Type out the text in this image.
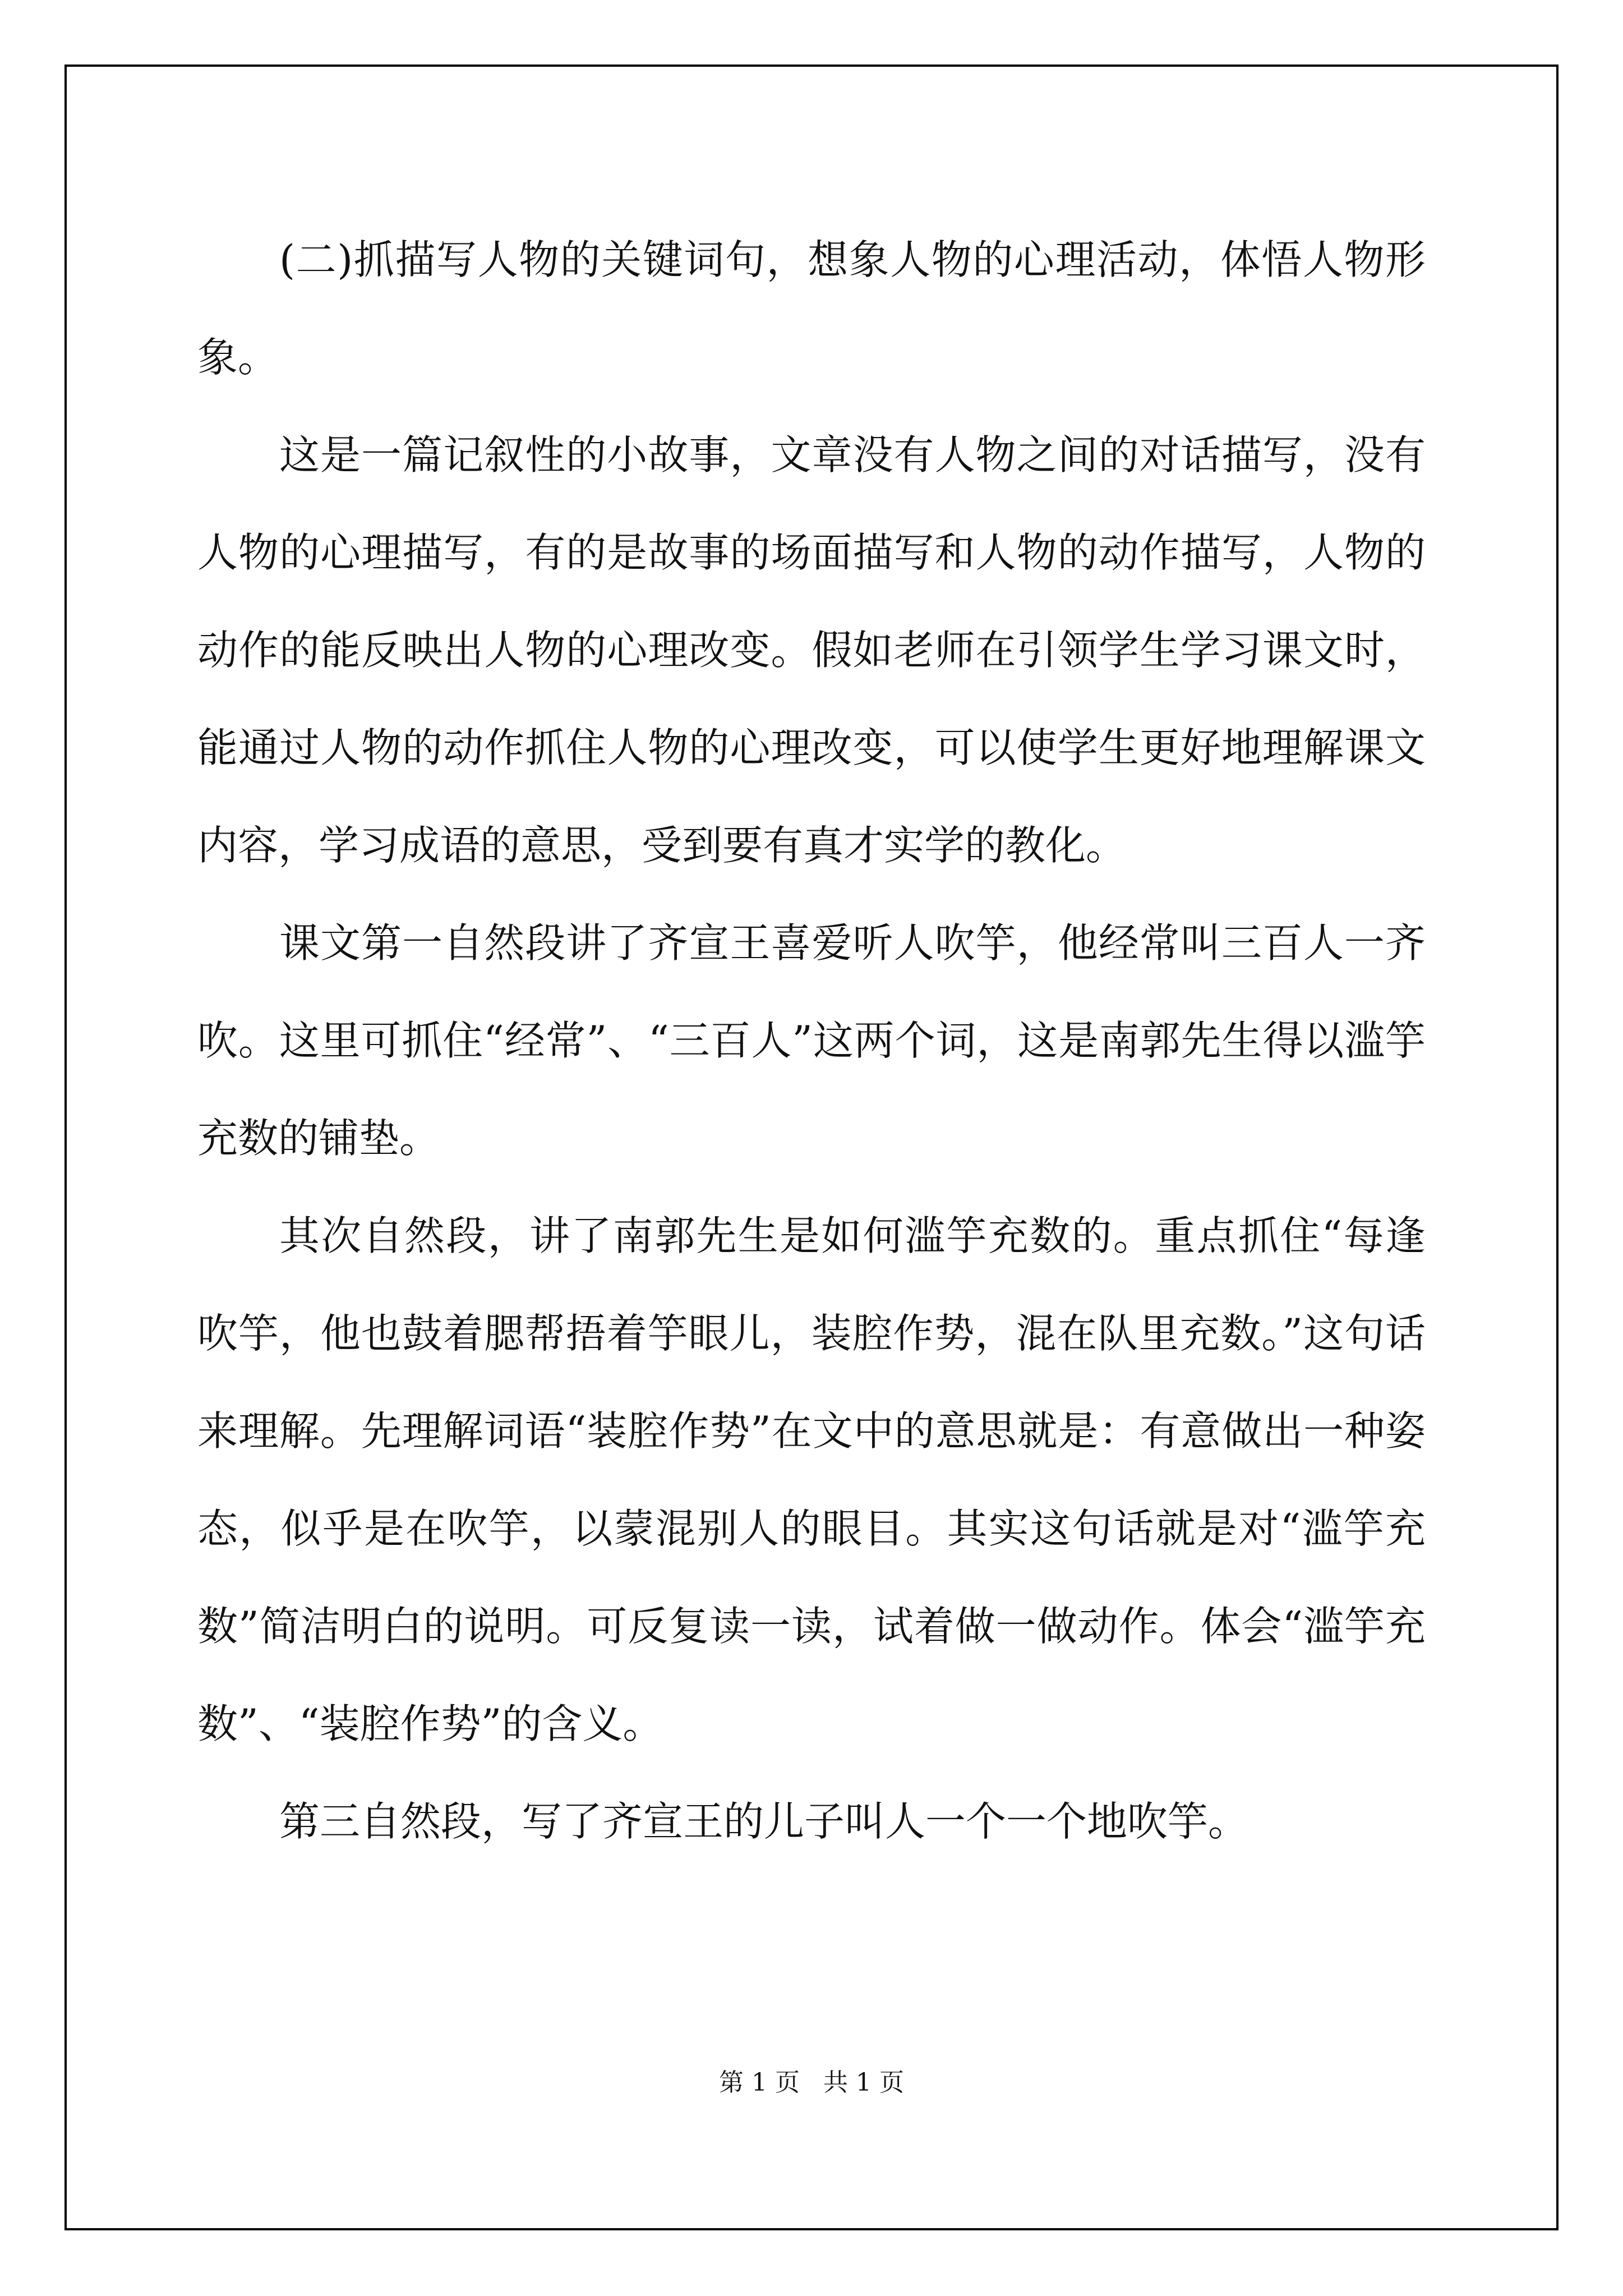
(二)抓描写人物的关键词句，想象人物的心理活动，体悟人物形象。

这是一篇记叙性的小故事，文章没有人物之间的对话描写，没有人物的心理描写，有的是故事的场面描写和人物的动作描写，人物的动作的能反映出人物的心理改变。假如老师在引领学生学习课文时，能通过人物的动作抓住人物的心理改变，可以使学生更好地理解课文内容，学习成语的意思，受到要有真才实学的教化。

课文第一自然段讲了齐宣王喜爱听人吹竽，他经常叫三百人一齐吹。这里可抓住“经常”、“三百人”这两个词，这是南郭先生得以滥竽充数的铺垫。

其次自然段，讲了南郭先生是如何滥竽充数的。重点抓住“每逢吹竽，他也鼓着腮帮捂着竽眼儿，装腔作势，混在队里充数。”这句话来理解。先理解词语“装腔作势”在文中的意思就是：有意做出一种姿态，似乎是在吹竽，以蒙混别人的眼目。其实这句话就是对“滥竽充数”简洁明白的说明。可反复读一读，试着做一做动作。体会“滥竽充数”、“装腔作势”的含义。

第三自然段，写了齐宣王的儿子叫人一个一个地吹竽。

第 1 页   共 1 页
